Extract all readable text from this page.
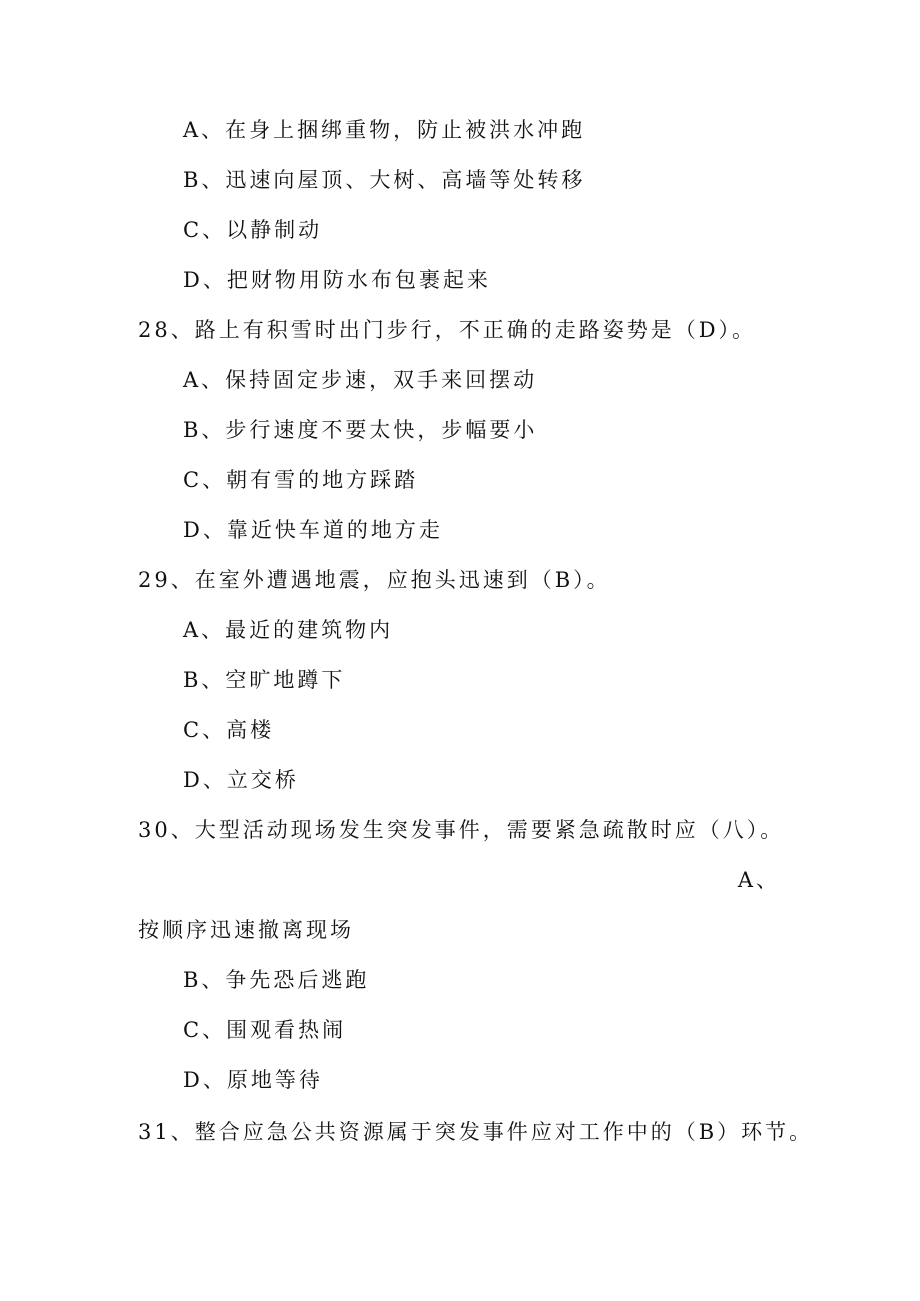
A、在身上捆绑重物，防止被洪水冲跑
B、迅速向屋顶、大树、高墙等处转移
C、以静制动
D、把财物用防水布包裹起来
28、路上有积雪时出门步行，不正确的走路姿势是（D）。
A、保持固定步速，双手来回摆动
B、步行速度不要太快，步幅要小
C、朝有雪的地方踩踏
D、靠近快车道的地方走
29、在室外遭遇地震，应抱头迅速到（B）。
A、最近的建筑物内
B、空旷地蹲下
C、高楼
D、立交桥
30、大型活动现场发生突发事件，需要紧急疏散时应（八）。
A、
按顺序迅速撤离现场
B、争先恐后逃跑
C、围观看热闹
D、原地等待
31、整合应急公共资源属于突发事件应对工作中的（B）环节。
